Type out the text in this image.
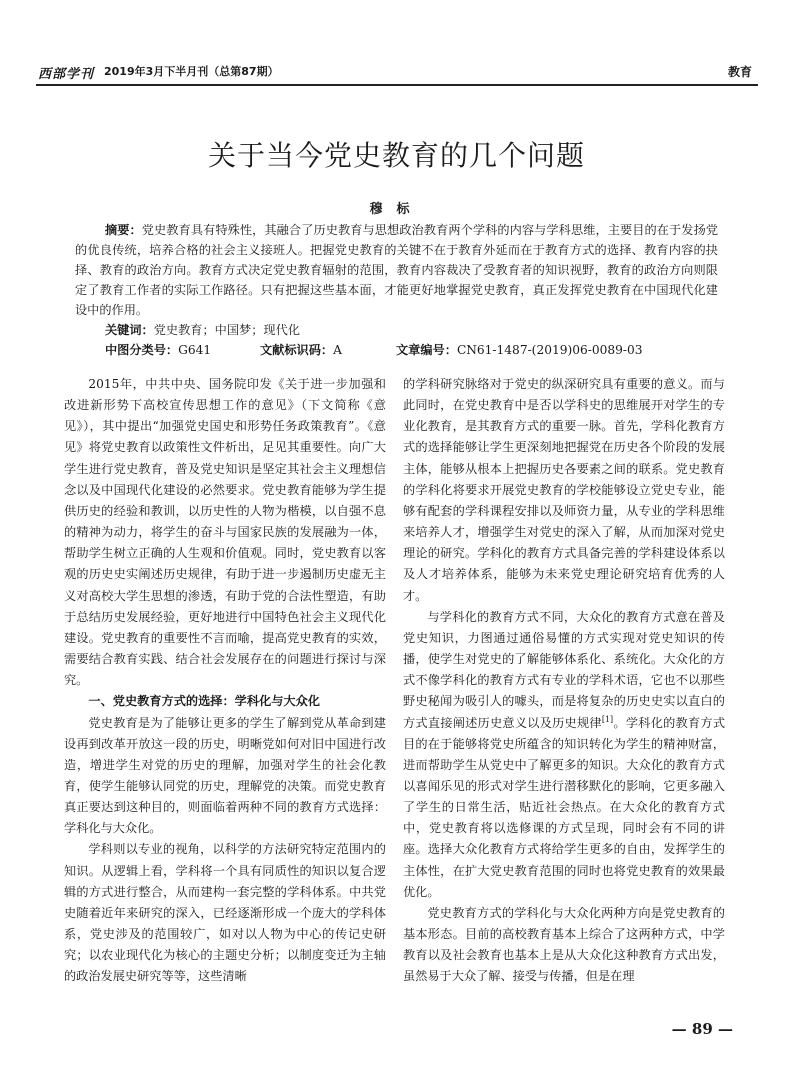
西部学刊 2019年3月下半月刊（总第87期）	教育
关于当今党史教育的几个问题
穆标

摘要：党史教育具有特殊性，其融合了历史教育与思想政治教育两个学科的内容与学科思维，主要目的在于发扬党的优良传统，培养合格的社会主义接班人。把握党史教育的关键不在于教育外延而在于教育方式的选择、教育内容的抉择、教育的政治方向。教育方式决定党史教育辐射的范围，教育内容裁决了受教育者的知识视野，教育的政治方向则限定了教育工作者的实际工作路径。只有把握这些基本面，才能更好地掌握党史教育，真正发挥党史教育在中国现代化建设中的作用。

关键词：党史教育；中国梦；现代化

中图分类号：G641	文献标识码：A	文章编号：CN61-1487-(2019)06-0089-03

2015年，中共中央、国务院印发《关于进一步加强和改进新形势下高校宣传思想工作的意见》（下文简称《意见》），其中提出“加强党史国史和形势任务政策教育”。《意见》将党史教育以政策性文件析出，足见其重要性。向广大学生进行党史教育，普及党史知识是坚定其社会主义理想信念以及中国现代化建设的必然要求。党史教育能够为学生提供历史的经验和教训，以历史性的人物为楷模，以自强不息的精神为动力，将学生的奋斗与国家民族的发展融为一体，帮助学生树立正确的人生观和价值观。同时，党史教育以客观的历史史实阐述历史规律，有助于进一步遏制历史虚无主义对高校大学生思想的渗透，有助于党的合法性塑造，有助于总结历史发展经验，更好地进行中国特色社会主义现代化建设。党史教育的重要性不言而喻，提高党史教育的实效，需要结合教育实践、结合社会发展存在的问题进行探讨与深究。

一、党史教育方式的选择：学科化与大众化

党史教育是为了能够让更多的学生了解到党从革命到建设再到改革开放这一段的历史，明晰党如何对旧中国进行改造，增进学生对党的历史的理解，加强对学生的社会化教育，使学生能够认同党的历史，理解党的决策。而党史教育真正要达到这种目的，则面临着两种不同的教育方式选择：学科化与大众化。

学科则以专业的视角，以科学的方法研究特定范围内的知识。从逻辑上看，学科将一个具有同质性的知识以复合逻辑的方式进行整合，从而建构一套完整的学科体系。中共党史随着近年来研究的深入，已经逐渐形成一个庞大的学科体系，党史涉及的范围较广，如对以人物为中心的传记史研究；以农业现代化为核心的主题史分析；以制度变迁为主轴的政治发展史研究等等，这些清晰

的学科研究脉络对于党史的纵深研究具有重要的意义。而与此同时，在党史教育中是否以学科史的思维展开对学生的专业化教育，是其教育方式的重要一脉。首先，学科化教育方式的选择能够让学生更深刻地把握党在历史各个阶段的发展主体，能够从根本上把握历史各要素之间的联系。党史教育的学科化将要求开展党史教育的学校能够设立党史专业，能够有配套的学科课程安排以及师资力量，从专业的学科思维来培养人才，增强学生对党史的深入了解，从而加深对党史理论的研究。学科化的教育方式具备完善的学科建设体系以及人才培养体系，能够为未来党史理论研究培育优秀的人才。

与学科化的教育方式不同，大众化的教育方式意在普及党史知识，力图通过通俗易懂的方式实现对党史知识的传播，使学生对党史的了解能够体系化、系统化。大众化的方式不像学科化的教育方式有专业的学科术语，它也不以那些野史秘闻为吸引人的噱头，而是将复杂的历史史实以直白的方式直接阐述历史意义以及历史规律[1]。学科化的教育方式目的在于能够将党史所蕴含的知识转化为学生的精神财富，进而帮助学生从党史中了解更多的知识。大众化的教育方式以喜闻乐见的形式对学生进行潜移默化的影响，它更多融入了学生的日常生活，贴近社会热点。在大众化的教育方式中，党史教育将以选修课的方式呈现，同时会有不同的讲座。选择大众化教育方式将给学生更多的自由，发挥学生的主体性，在扩大党史教育范围的同时也将党史教育的效果最优化。

党史教育方式的学科化与大众化两种方向是党史教育的基本形态。目前的高校教育基本上综合了这两种方式，中学教育以及社会教育也基本上是从大众化这种教育方式出发，虽然易于大众了解、接受与传播，但是在理

— 89 —
